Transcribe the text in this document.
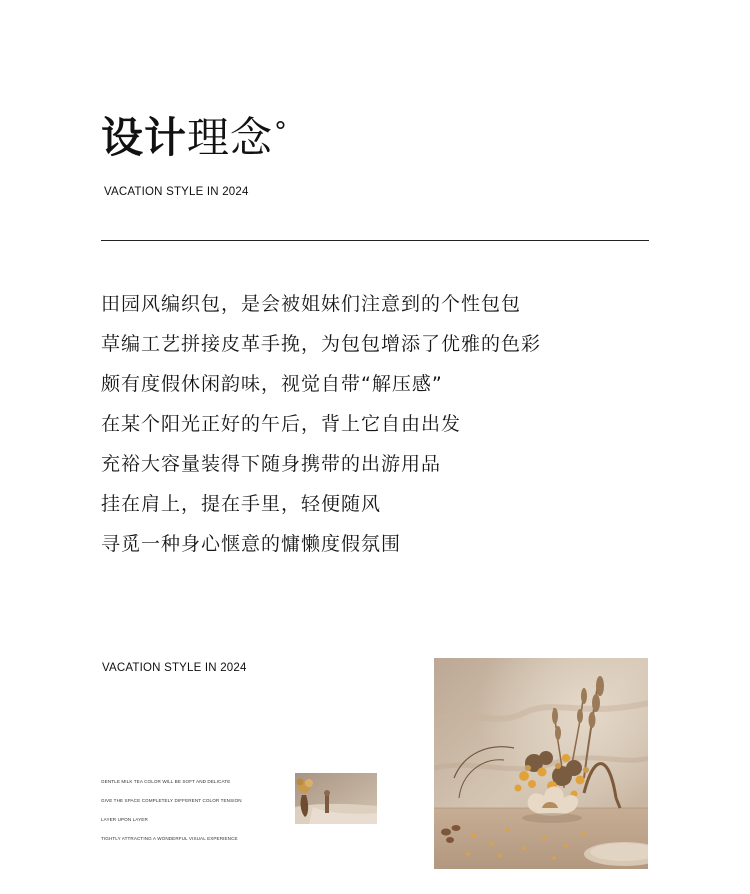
设计理念°
VACATION STYLE IN 2024
田园风编织包，是会被姐妹们注意到的个性包包
草编工艺拼接皮革手挽，为包包增添了优雅的色彩
颇有度假休闲韵味，视觉自带“解压感”
在某个阳光正好的午后，背上它自由出发
充裕大容量装得下随身携带的出游用品
挂在肩上，提在手里，轻便随风
寻觅一种身心惬意的慵懒度假氛围
VACATION STYLE IN 2024
GENTLE MILK TEA COLOR WILL BE SOFT AND DELICATE
GIVE THE SPACE COMPLETELY DIFFERENT COLOR TENSION
LAYER UPON LAYER
TIGHTLY ATTRACTING A WONDERFUL VISUAL EXPERIENCE
